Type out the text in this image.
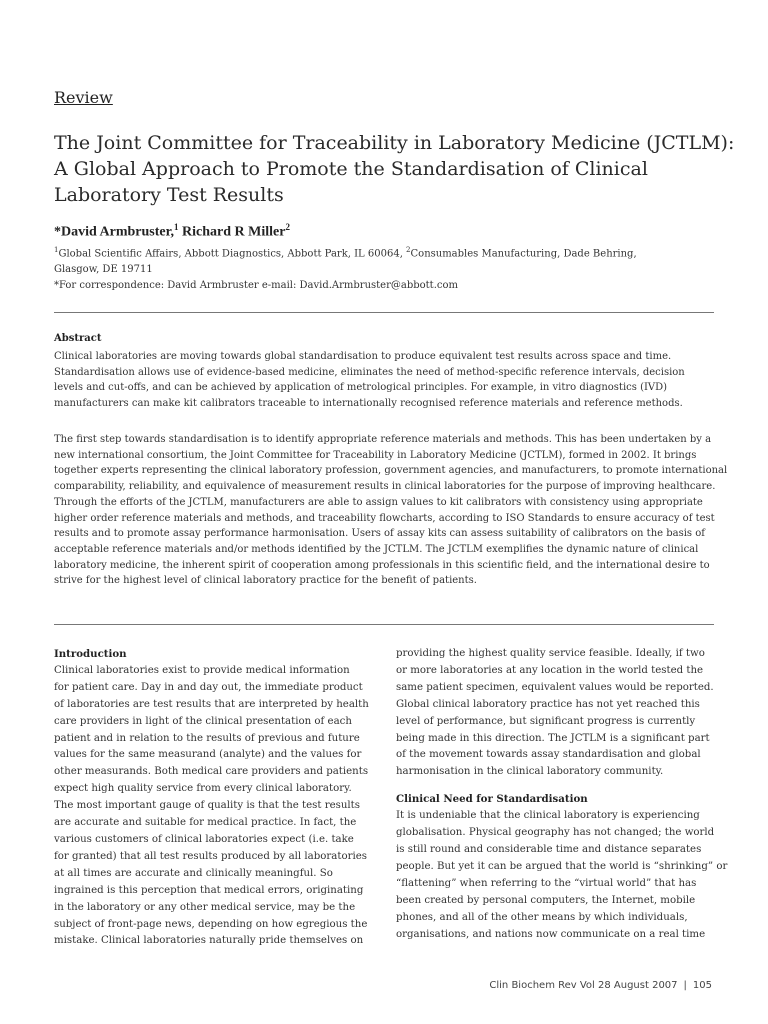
Review
The Joint Committee for Traceability in Laboratory Medicine (JCTLM):
A Global Approach to Promote the Standardisation of Clinical
Laboratory Test Results
*David Armbruster,$^1$ Richard R Miller$^2$
$^1$Global Scientific Affairs, Abbott Diagnostics, Abbott Park, IL 60064, $^2$Consumables Manufacturing, Dade Behring,
Glasgow, DE 19711
*For correspondence: David Armbruster e-mail: David.Armbruster@abbott.com
Abstract
Clinical laboratories are moving towards global standardisation to produce equivalent test results across space and time.
Standardisation allows use of evidence-based medicine, eliminates the need of method-specific reference intervals, decision
levels and cut-offs, and can be achieved by application of metrological principles. For example, in vitro diagnostics (IVD)
manufacturers can make kit calibrators traceable to internationally recognised reference materials and reference methods.
The first step towards standardisation is to identify appropriate reference materials and methods. This has been undertaken by a
new international consortium, the Joint Committee for Traceability in Laboratory Medicine (JCTLM), formed in 2002. It brings
together experts representing the clinical laboratory profession, government agencies, and manufacturers, to promote international
comparability, reliability, and equivalence of measurement results in clinical laboratories for the purpose of improving healthcare.
Through the efforts of the JCTLM, manufacturers are able to assign values to kit calibrators with consistency using appropriate
higher order reference materials and methods, and traceability flowcharts, according to ISO Standards to ensure accuracy of test
results and to promote assay performance harmonisation. Users of assay kits can assess suitability of calibrators on the basis of
acceptable reference materials and/or methods identified by the JCTLM. The JCTLM exemplifies the dynamic nature of clinical
laboratory medicine, the inherent spirit of cooperation among professionals in this scientific field, and the international desire to
strive for the highest level of clinical laboratory practice for the benefit of patients.
Introduction
Clinical laboratories exist to provide medical information
for patient care. Day in and day out, the immediate product
of laboratories are test results that are interpreted by health
care providers in light of the clinical presentation of each
patient and in relation to the results of previous and future
values for the same measurand (analyte) and the values for
other measurands. Both medical care providers and patients
expect high quality service from every clinical laboratory.
The most important gauge of quality is that the test results
are accurate and suitable for medical practice. In fact, the
various customers of clinical laboratories expect (i.e. take
for granted) that all test results produced by all laboratories
at all times are accurate and clinically meaningful. So
ingrained is this perception that medical errors, originating
in the laboratory or any other medical service, may be the
subject of front-page news, depending on how egregious the
mistake. Clinical laboratories naturally pride themselves on
providing the highest quality service feasible. Ideally, if two
or more laboratories at any location in the world tested the
same patient specimen, equivalent values would be reported.
Global clinical laboratory practice has not yet reached this
level of performance, but significant progress is currently
being made in this direction. The JCTLM is a significant part
of the movement towards assay standardisation and global
harmonisation in the clinical laboratory community.
Clinical Need for Standardisation
It is undeniable that the clinical laboratory is experiencing
globalisation. Physical geography has not changed; the world
is still round and considerable time and distance separates
people. But yet it can be argued that the world is “shrinking” or
“flattening” when referring to the “virtual world” that has
been created by personal computers, the Internet, mobile
phones, and all of the other means by which individuals,
organisations, and nations now communicate on a real time
Clin Biochem Rev Vol 28 August 2007 | 105
